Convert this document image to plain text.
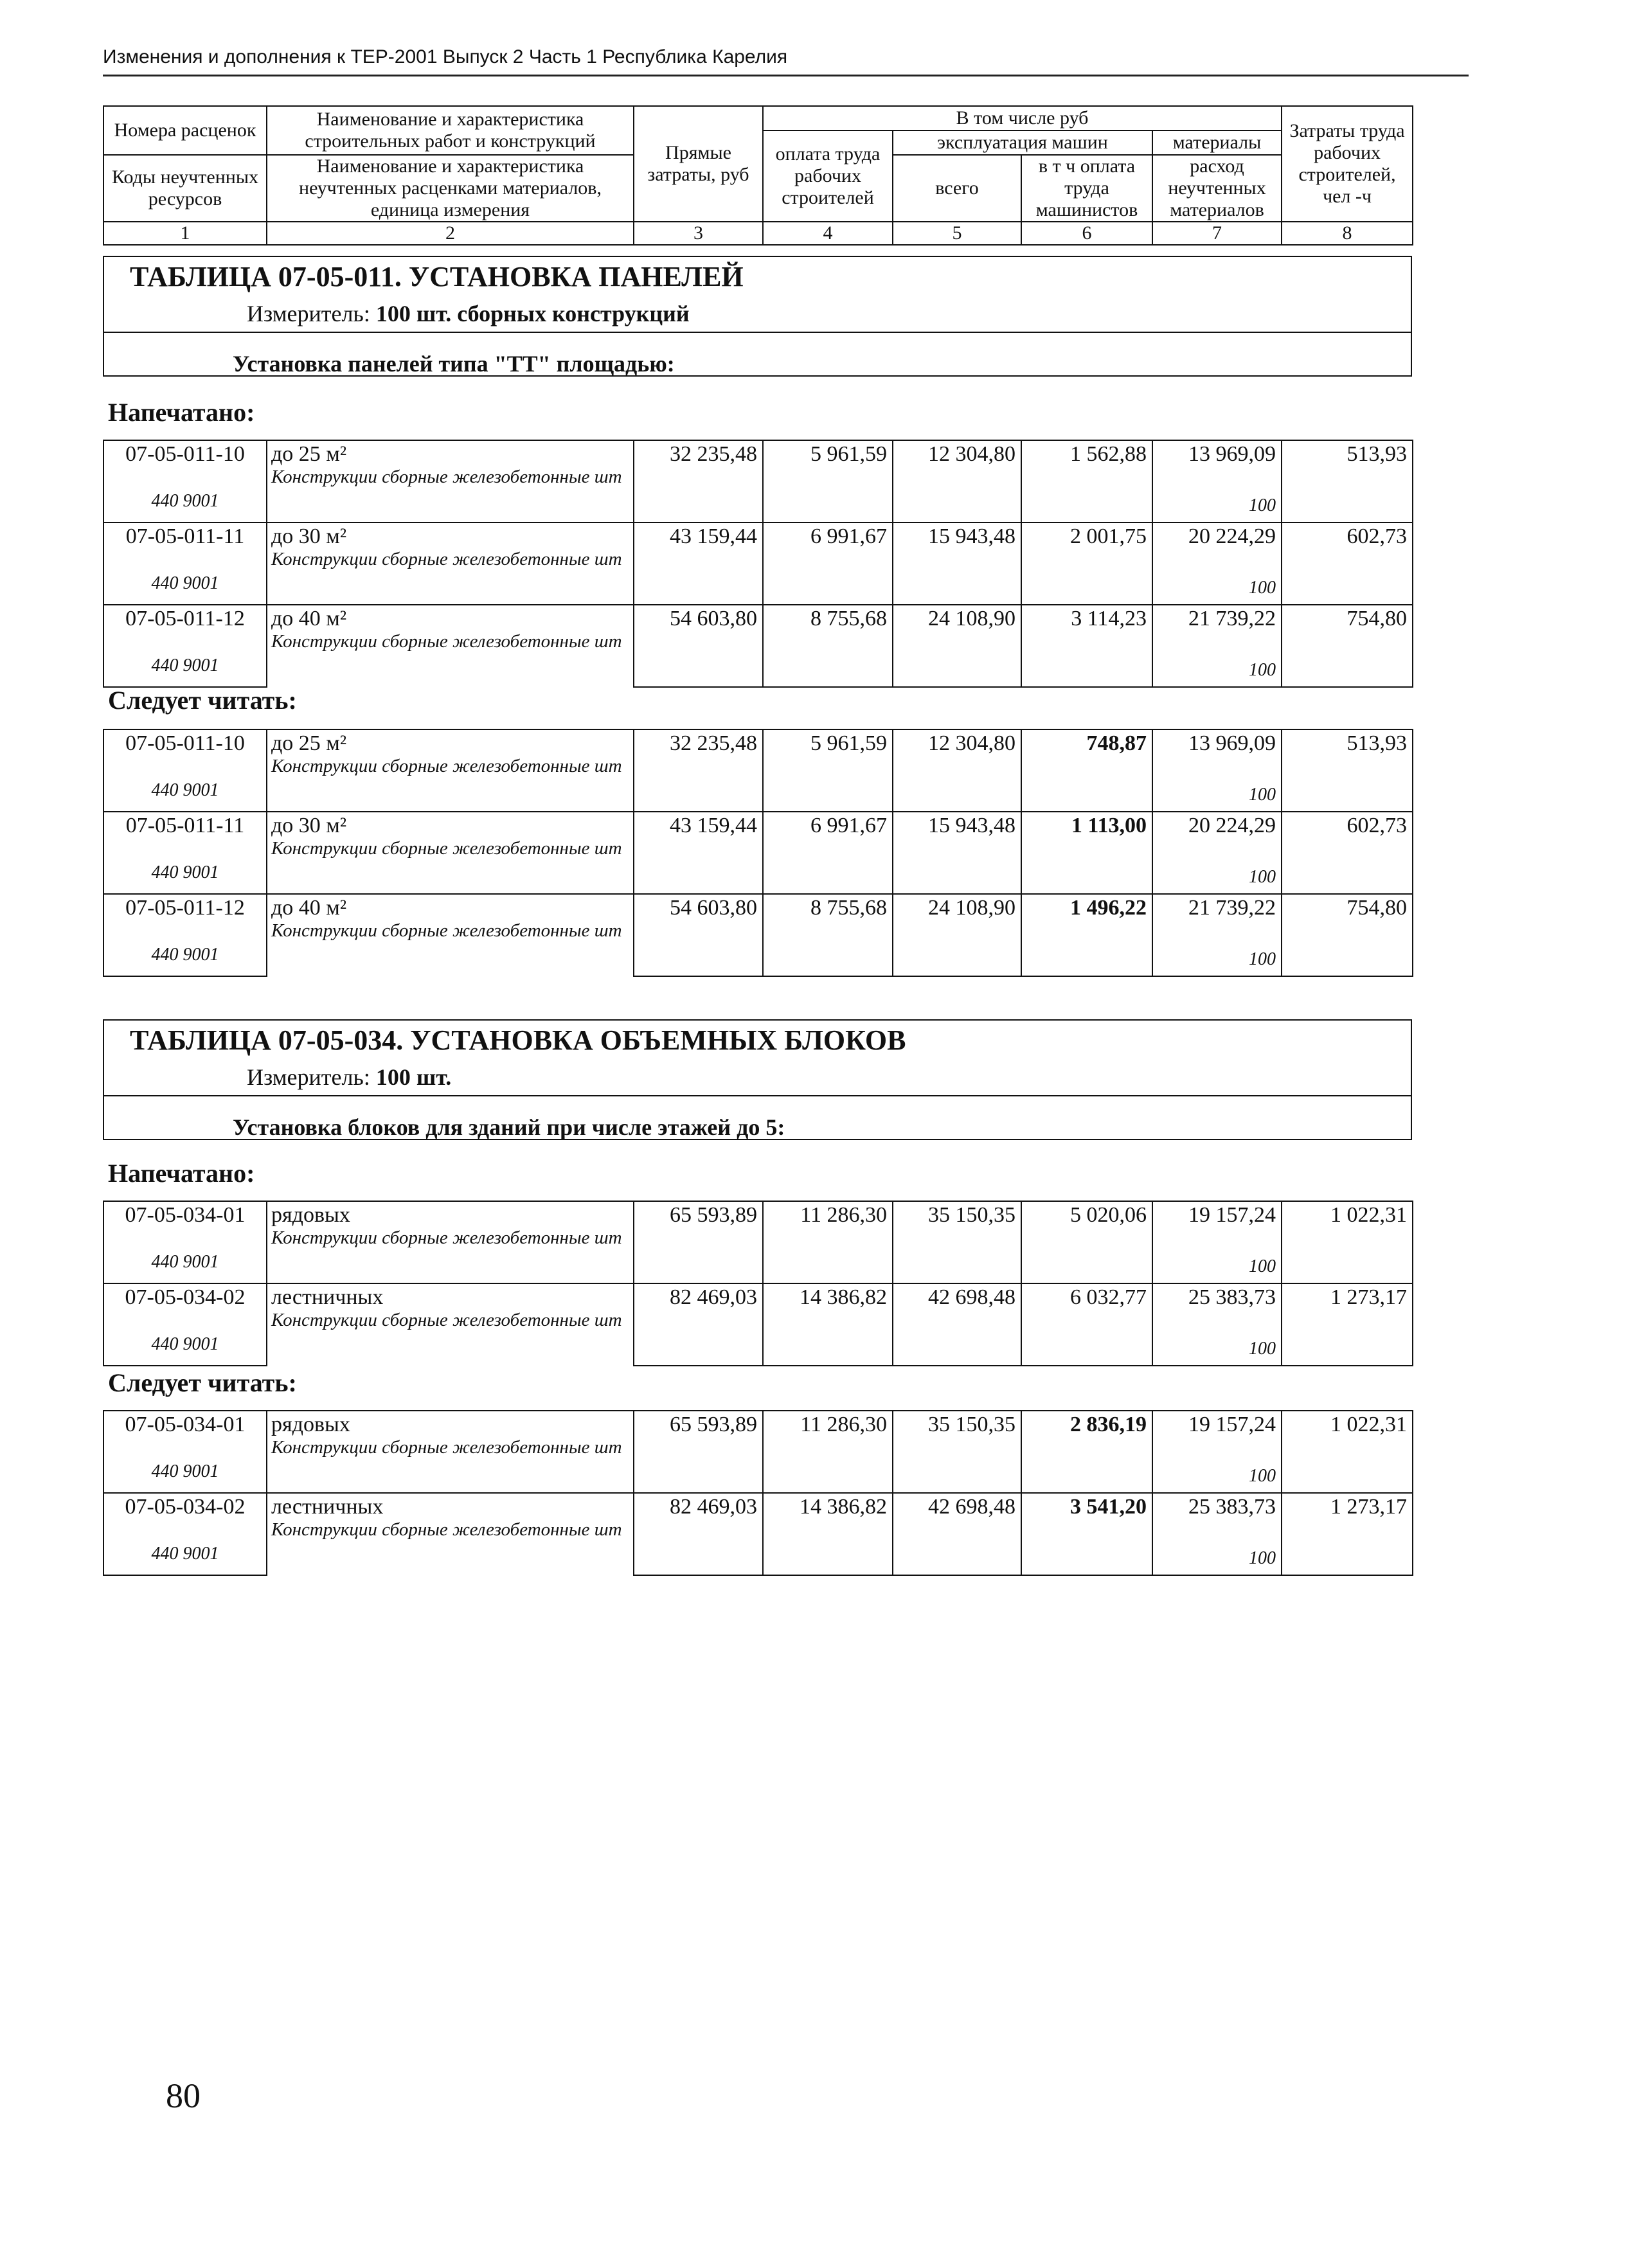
Изменения и дополнения к ТЕР-2001 Выпуск 2 Часть 1 Республика Карелия
Номера расценок	Наименование и характеристика строительных работ и конструкций	Прямые затраты, руб	В том числе руб				Затраты труда рабочих строителей, чел -ч
			оплата труда рабочих строителей	эксплуатация машин		материалы	
Коды неучтенных ресурсов	Наименование и характеристика неучтенных расценками материалов, единица измерения			всего	в т ч оплата труда машинистов	расход неучтенных материалов	

1	2	3	4	5	6	7	8
ТАБЛИЦА 07-05-011. УСТАНОВКА ПАНЕЛЕЙ
Измеритель: 100 шт. сборных конструкций
Установка панелей типа "ТТ" площадью:
Напечатано:
07-05-011-10	до 25 м²
Конструкции сборные железобетонные шт	32 235,48	5 961,59	12 304,80	1 562,88	13 969,09	513,93
440 9001						100	
07-05-011-11	до 30 м²
Конструкции сборные железобетонные шт	43 159,44	6 991,67	15 943,48	2 001,75	20 224,29	602,73
440 9001						100	
07-05-011-12	до 40 м²
Конструкции сборные железобетонные шт	54 603,80	8 755,68	24 108,90	3 114,23	21 739,22	754,80
440 9001						100	
Следует читать:
07-05-011-10	до 25 м²
Конструкции сборные железобетонные шт	32 235,48	5 961,59	12 304,80	748,87	13 969,09	513,93
440 9001						100	
07-05-011-11	до 30 м²
Конструкции сборные железобетонные шт	43 159,44	6 991,67	15 943,48	1 113,00	20 224,29	602,73
440 9001						100	
07-05-011-12	до 40 м²
Конструкции сборные железобетонные шт	54 603,80	8 755,68	24 108,90	1 496,22	21 739,22	754,80
440 9001						100	
ТАБЛИЦА 07-05-034. УСТАНОВКА ОБЪЕМНЫХ БЛОКОВ
Измеритель: 100 шт.
Установка блоков для зданий при числе этажей до 5:
Напечатано:
07-05-034-01	рядовых
Конструкции сборные железобетонные шт	65 593,89	11 286,30	35 150,35	5 020,06	19 157,24	1 022,31
440 9001						100	
07-05-034-02	лестничных
Конструкции сборные железобетонные шт	82 469,03	14 386,82	42 698,48	6 032,77	25 383,73	1 273,17
440 9001						100	
Следует читать:
07-05-034-01	рядовых
Конструкции сборные железобетонные шт	65 593,89	11 286,30	35 150,35	2 836,19	19 157,24	1 022,31
440 9001						100	
07-05-034-02	лестничных
Конструкции сборные железобетонные шт	82 469,03	14 386,82	42 698,48	3 541,20	25 383,73	1 273,17
440 9001						100	
80
